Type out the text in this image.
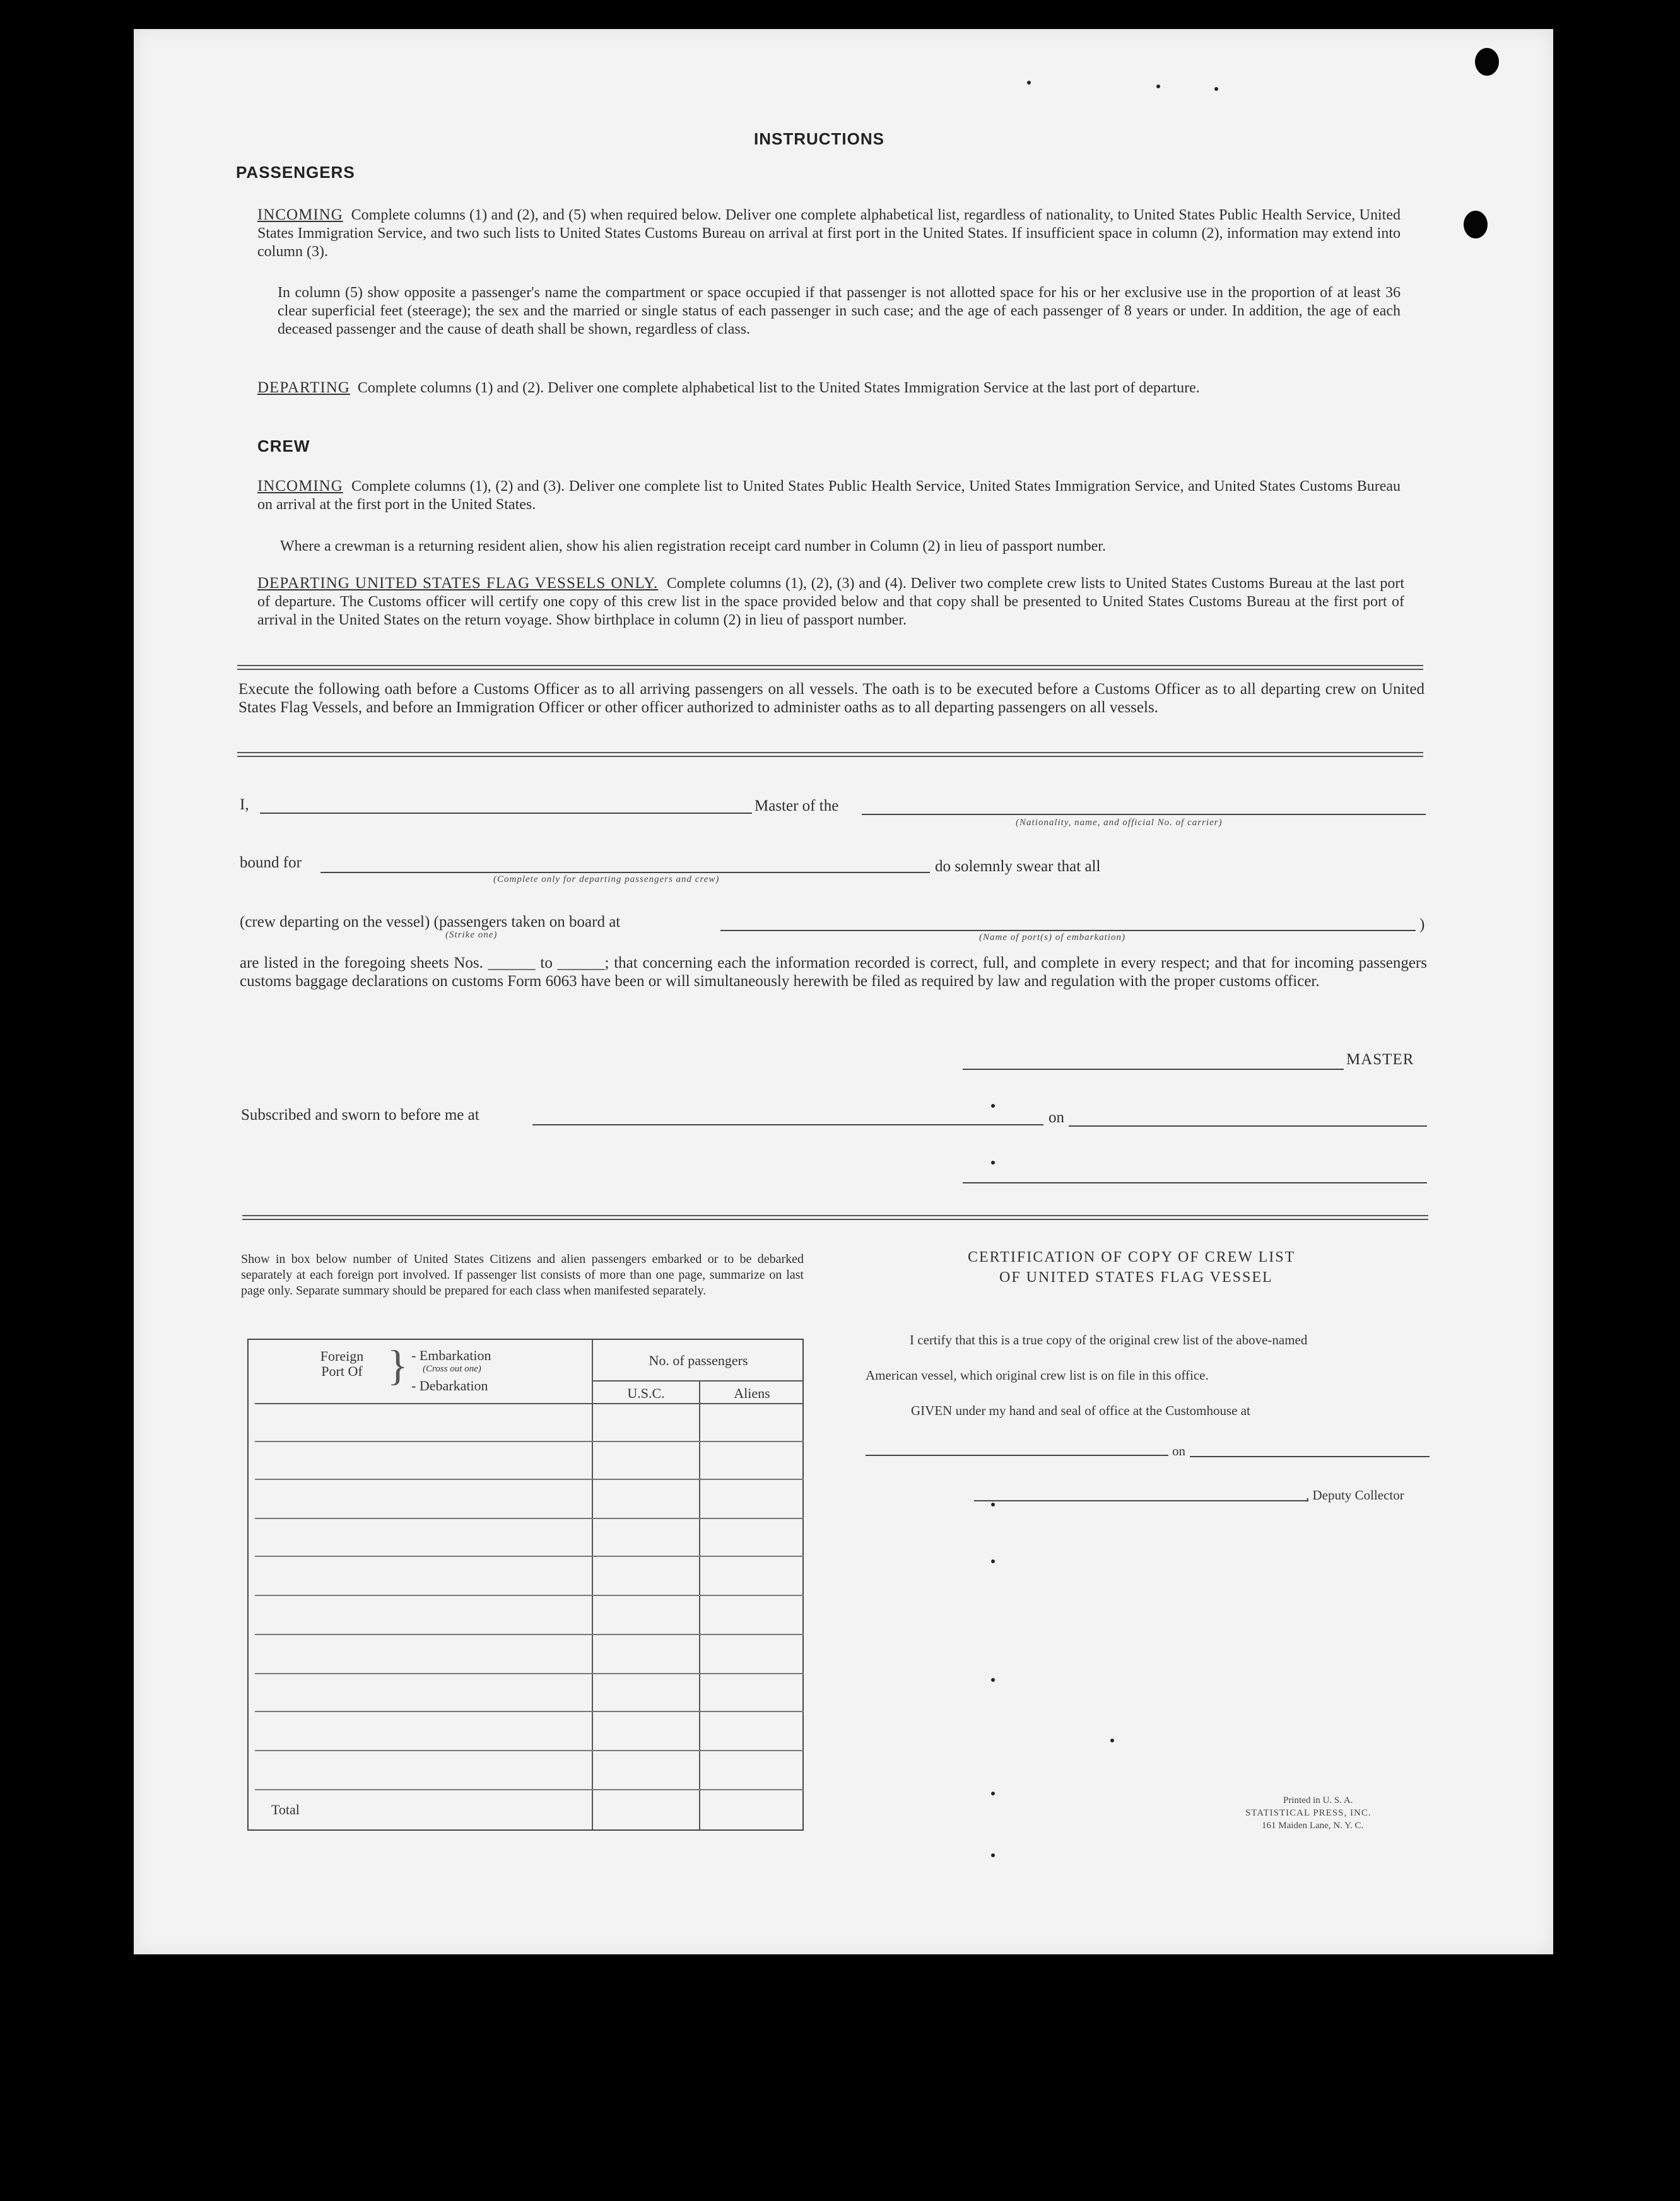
INSTRUCTIONS
PASSENGERS
INCOMING Complete columns (1) and (2), and (5) when required below. Deliver one complete alphabetical list, regardless of nationality, to United States Public Health Service, United States Immigration Service, and two such lists to United States Customs Bureau on arrival at first port in the United States. If insufficient space in column (2), information may extend into column (3).
In column (5) show opposite a passenger's name the compartment or space occupied if that passenger is not allotted space for his or her exclusive use in the proportion of at least 36 clear superficial feet (steerage); the sex and the married or single status of each passenger in such case; and the age of each passenger of 8 years or under. In addition, the age of each deceased passenger and the cause of death shall be shown, regardless of class.
DEPARTING Complete columns (1) and (2). Deliver one complete alphabetical list to the United States Immigration Service at the last port of departure.
CREW
INCOMING Complete columns (1), (2) and (3). Deliver one complete list to United States Public Health Service, United States Immigration Service, and United States Customs Bureau on arrival at the first port in the United States.
Where a crewman is a returning resident alien, show his alien registration receipt card number in Column (2) in lieu of passport number.
DEPARTING UNITED STATES FLAG VESSELS ONLY. Complete columns (1), (2), (3) and (4). Deliver two complete crew lists to United States Customs Bureau at the last port of departure. The Customs officer will certify one copy of this crew list in the space provided below and that copy shall be presented to United States Customs Bureau at the first port of arrival in the United States on the return voyage. Show birthplace in column (2) in lieu of passport number.
Execute the following oath before a Customs Officer as to all arriving passengers on all vessels. The oath is to be executed before a Customs Officer as to all departing crew on United States Flag Vessels, and before an Immigration Officer or other officer authorized to administer oaths as to all departing passengers on all vessels.
I,	Master of the
(Nationality, name, and official No. of carrier)
bound for
(Complete only for departing passengers and crew)
do solemnly swear that all
(crew departing on the vessel) (passengers taken on board at
(Strike one)	(Name of port(s) of embarkation)
)
are listed in the foregoing sheets Nos. ______ to ______; that concerning each the information recorded is correct, full, and complete in every respect; and that for incoming passengers customs baggage declarations on customs Form 6063 have been or will simultaneously herewith be filed as required by law and regulation with the proper customs officer.
MASTER
Subscribed and sworn to before me at	on
Show in box below number of United States Citizens and alien passengers embarked or to be debarked separately at each foreign port involved. If passenger list consists of more than one page, summarize on last page only. Separate summary should be prepared for each class when manifested separately.
Foreign Port Of } - Embarkation
(Cross out one)
- Debarkation
No. of passengers
U.S.C.	Aliens
Total
CERTIFICATION OF COPY OF CREW LIST
OF UNITED STATES FLAG VESSEL
I certify that this is a true copy of the original crew list of the above-named
American vessel, which original crew list is on file in this office.
GIVEN under my hand and seal of office at the Customhouse at
on
, Deputy Collector
Printed in U. S. A.
STATISTICAL PRESS, INC.
161 Maiden Lane, N. Y. C.
